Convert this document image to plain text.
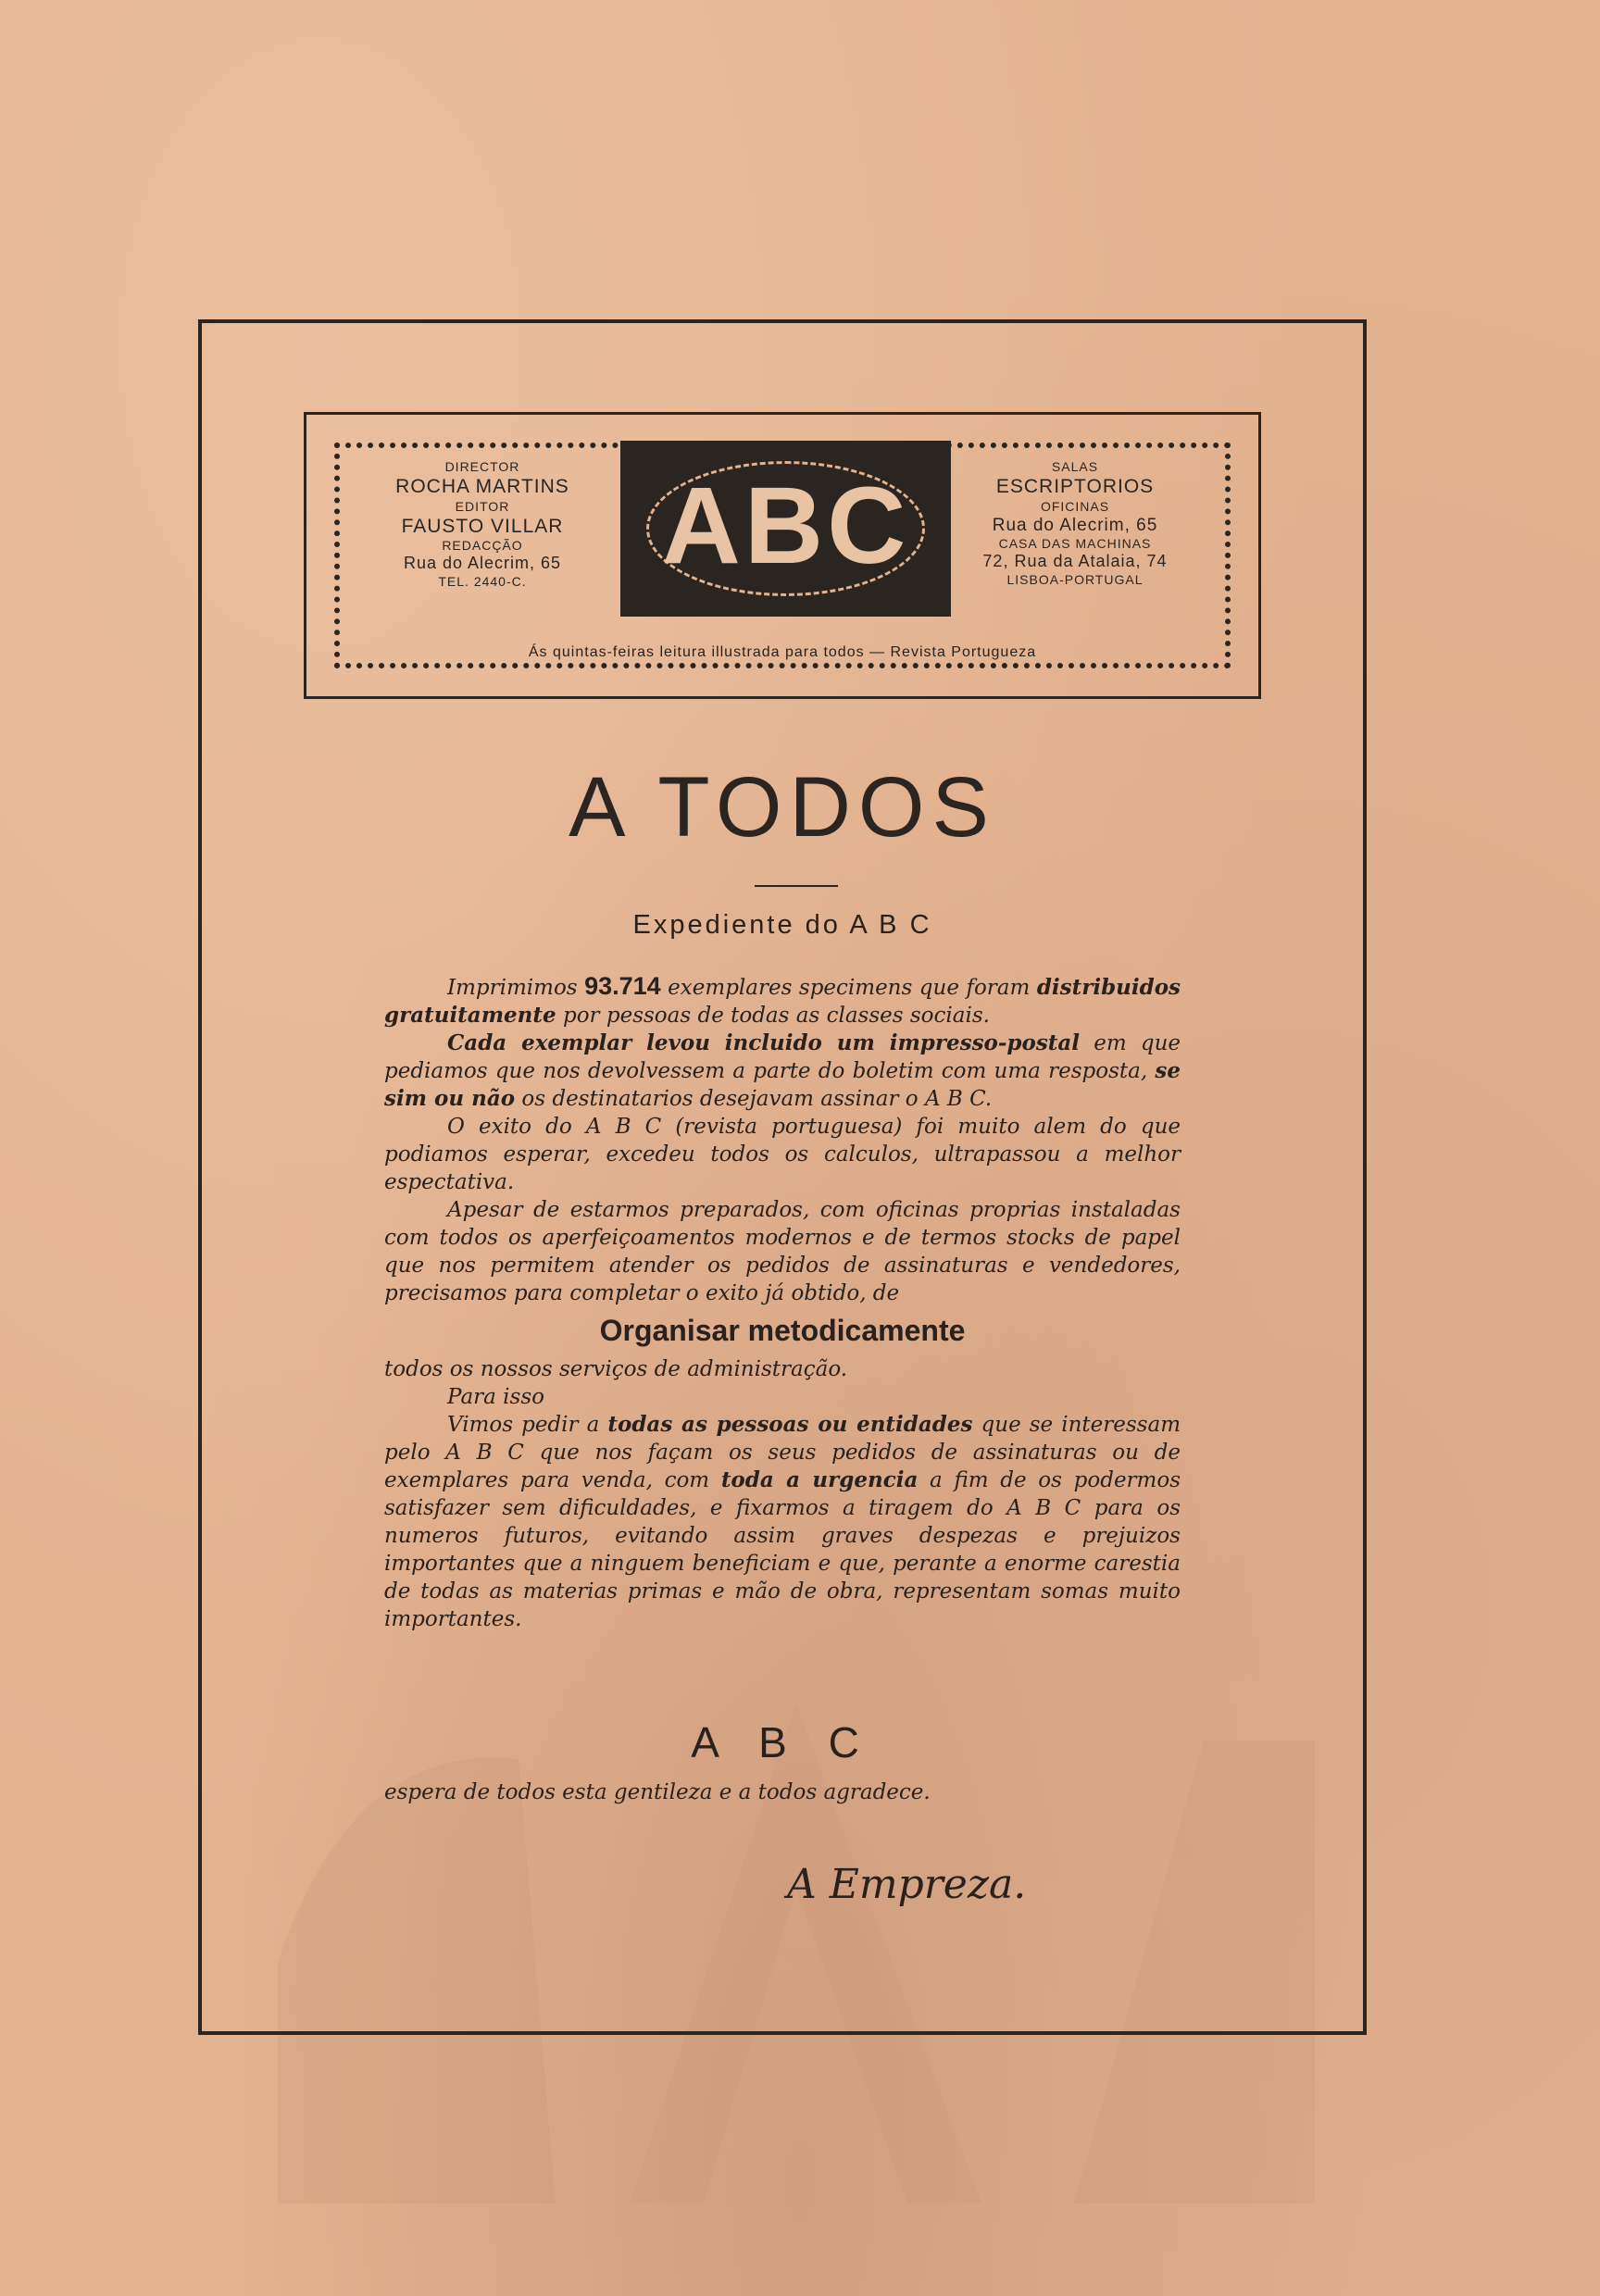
DIRECTOR
ROCHA MARTINS
EDITOR
FAUSTO VILLAR
REDACÇÃO
Rua do Alecrim, 65
TEL. 2440-C.	ABC	SALAS
ESCRIPTORIOS
OFICINAS
Rua do Alecrim, 65
CASA DAS MACHINAS
72, Rua da Atalaia, 74
LISBOA-PORTUGAL
Ás quintas-feiras leitura illustrada para todos — Revista Portugueza
A TODOS
Expediente do A B C

Imprimimos 93.714 exemplares specimens que foram distribuidos gratuitamente por pessoas de todas as classes sociais.

Cada exemplar levou incluido um impresso-postal em que pediamos que nos devolvessem a parte do boletim com uma resposta, se sim ou não os destinatarios desejavam assinar o A B C.

O exito do A B C (revista portuguesa) foi muito alem do que podiamos esperar, excedeu todos os calculos, ultrapassou a melhor espectativa.

Apesar de estarmos preparados, com oficinas proprias instaladas com todos os aperfeiçoamentos modernos e de termos stocks de papel que nos permitem atender os pedidos de assinaturas e vendedores, precisamos para completar o exito já obtido, de

Organisar metodicamente

todos os nossos serviços de administração.

Para isso

Vimos pedir a todas as pessoas ou entidades que se interessam pelo A B C que nos façam os seus pedidos de assinaturas ou de exemplares para venda, com toda a urgencia a fim de os podermos satisfazer sem dificuldades, e fixarmos a tiragem do A B C para os numeros futuros, evitando assim graves despezas e prejuizos importantes que a ninguem beneficiam e que, perante a enorme carestia de todas as materias primas e mão de obra, representam somas muito importantes.

A B C
espera de todos esta gentileza e a todos agradece.
A Empreza.
